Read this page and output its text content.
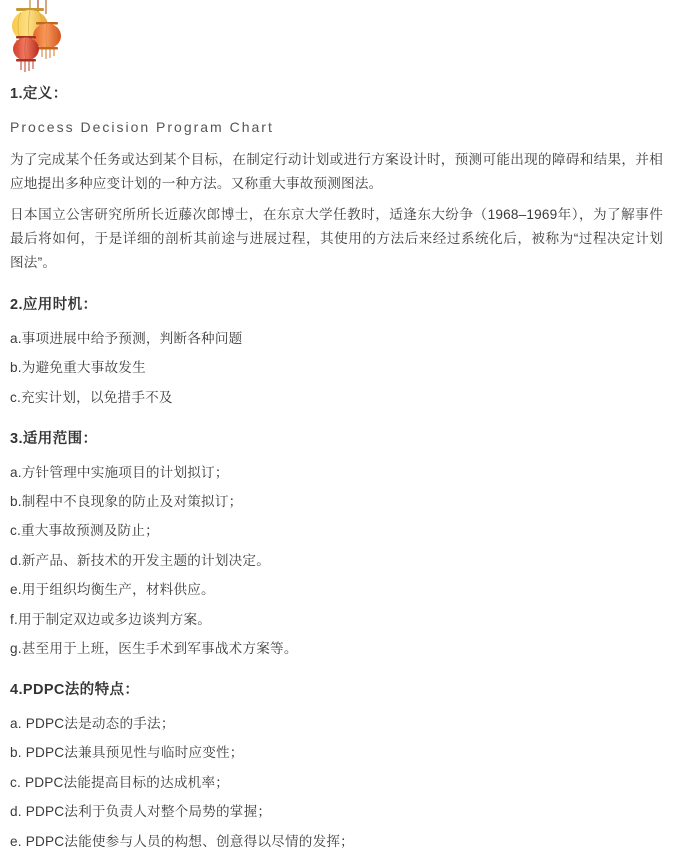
1.定义：
Process Decision Program Chart

为了完成某个任务或达到某个目标，在制定行动计划或进行方案设计时，预测可能出现的障碍和结果，并相应地提出多种应变计划的一种方法。又称重大事故预测图法。

日本国立公害研究所所长近藤次郎博士，在东京大学任教时，适逢东大纷争（1968–1969年），为了解事件最后将如何，于是详细的剖析其前途与进展过程，其使用的方法后来经过系统化后，被称为“过程决定计划图法”。

2.应用时机：

a.事项进展中给予预测，判断各种问题

b.为避免重大事故发生

c.充实计划，以免措手不及

3.适用范围：

a.方针管理中实施项目的计划拟订；

b.制程中不良现象的防止及对策拟订；

c.重大事故预测及防止；

d.新产品、新技术的开发主题的计划决定。

e.用于组织均衡生产，材料供应。

f.用于制定双边或多边谈判方案。

g.甚至用于上班，医生手术到军事战术方案等。

4.PDPC法的特点：

a. PDPC法是动态的手法；

b. PDPC法兼具预见性与临时应变性；

c. PDPC法能提高目标的达成机率；

d. PDPC法利于负责人对整个局势的掌握；

e. PDPC法能使参与人员的构想、创意得以尽情的发挥；
